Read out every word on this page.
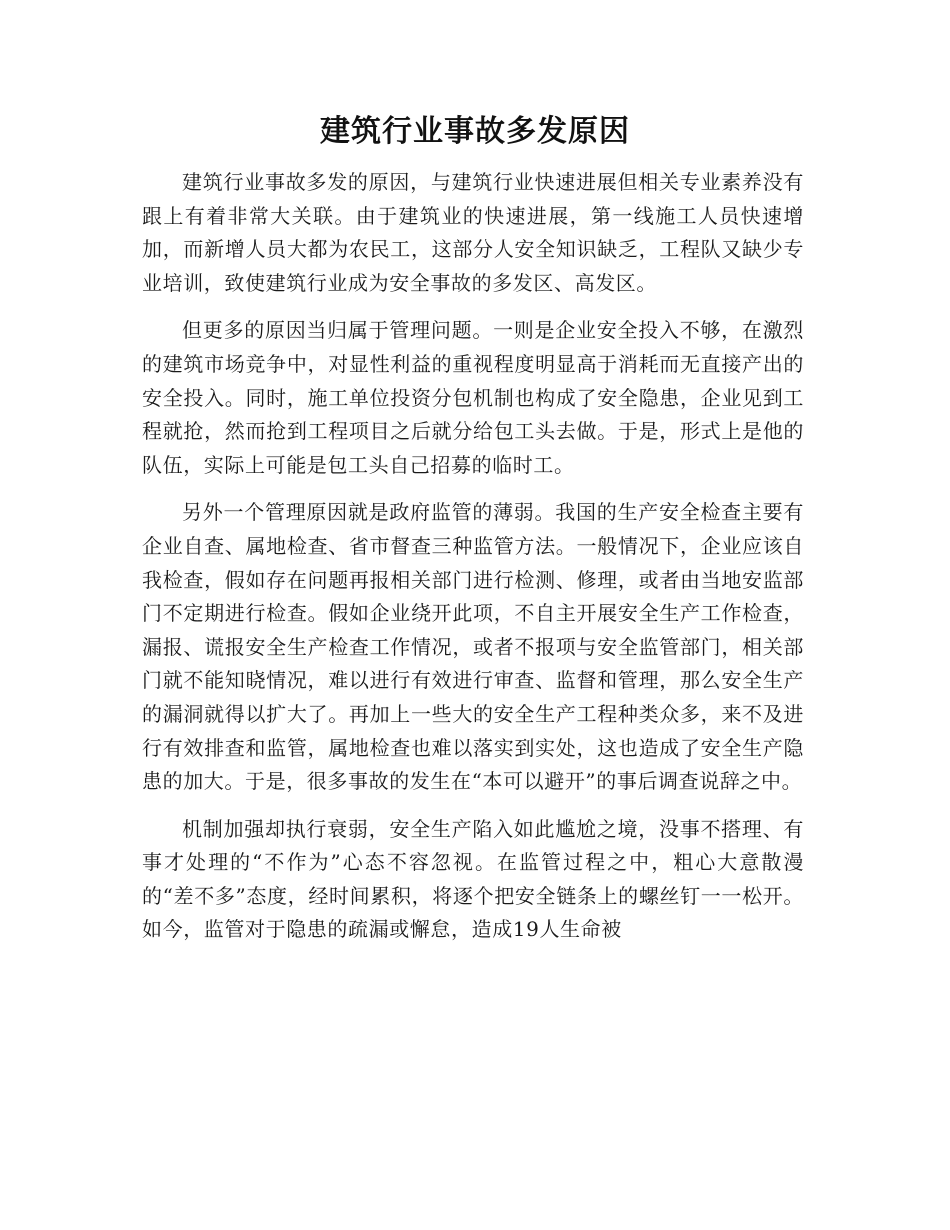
建筑行业事故多发原因

建筑行业事故多发的原因，与建筑行业快速进展但相关专业素养没有跟上有着非常大关联。由于建筑业的快速进展，第一线施工人员快速增加，而新增人员大都为农民工，这部分人安全知识缺乏，工程队又缺少专业培训，致使建筑行业成为安全事故的多发区、高发区。

但更多的原因当归属于管理问题。一则是企业安全投入不够，在激烈的建筑市场竞争中，对显性利益的重视程度明显高于消耗而无直接产出的安全投入。同时，施工单位投资分包机制也构成了安全隐患，企业见到工程就抢，然而抢到工程项目之后就分给包工头去做。于是，形式上是他的队伍，实际上可能是包工头自己招募的临时工。

另外一个管理原因就是政府监管的薄弱。我国的生产安全检查主要有企业自查、属地检查、省市督查三种监管方法。一般情况下，企业应该自我检查，假如存在问题再报相关部门进行检测、修理，或者由当地安监部门不定期进行检查。假如企业绕开此项，不自主开展安全生产工作检查，漏报、谎报安全生产检查工作情况，或者不报项与安全监管部门，相关部门就不能知晓情况，难以进行有效进行审查、监督和管理，那么安全生产的漏洞就得以扩大了。再加上一些大的安全生产工程种类众多，来不及进行有效排查和监管，属地检查也难以落实到实处，这也造成了安全生产隐患的加大。于是，很多事故的发生在“本可以避开”的事后调查说辞之中。

机制加强却执行衰弱，安全生产陷入如此尴尬之境，没事不搭理、有事才处理的“不作为”心态不容忽视。在监管过程之中，粗心大意散漫的“差不多”态度，经时间累积，将逐个把安全链条上的螺丝钉一一松开。如今，监管对于隐患的疏漏或懈怠，造成19人生命被
